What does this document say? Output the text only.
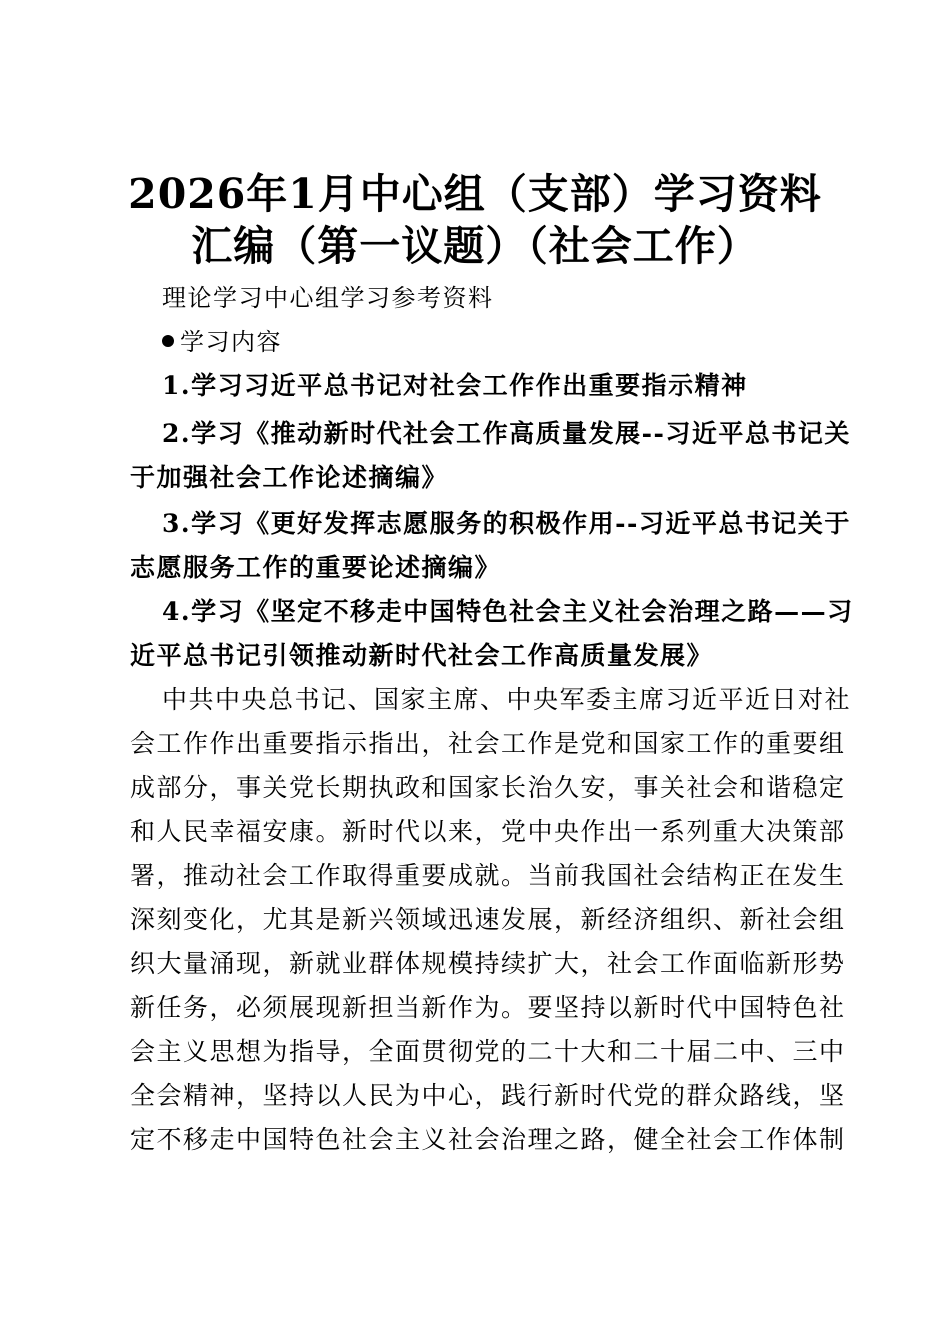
2026年1月中心组（支部）学习资料
汇编（第一议题）（社会工作）
理论学习中心组学习参考资料
学习内容
1.学习习近平总书记对社会工作作出重要指示精神
2.学习《推动新时代社会工作高质量发展--习近平总书记关
于加强社会工作论述摘编》
3.学习《更好发挥志愿服务的积极作用--习近平总书记关于
志愿服务工作的重要论述摘编》
4.学习《坚定不移走中国特色社会主义社会治理之路——习
近平总书记引领推动新时代社会工作高质量发展》
中共中央总书记、国家主席、中央军委主席习近平近日对社
会工作作出重要指示指出，社会工作是党和国家工作的重要组
成部分，事关党长期执政和国家长治久安，事关社会和谐稳定
和人民幸福安康。新时代以来，党中央作出一系列重大决策部
署，推动社会工作取得重要成就。当前我国社会结构正在发生
深刻变化，尤其是新兴领域迅速发展，新经济组织、新社会组
织大量涌现，新就业群体规模持续扩大，社会工作面临新形势
新任务，必须展现新担当新作为。要坚持以新时代中国特色社
会主义思想为指导，全面贯彻党的二十大和二十届二中、三中
全会精神，坚持以人民为中心，践行新时代党的群众路线，坚
定不移走中国特色社会主义社会治理之路，健全社会工作体制
